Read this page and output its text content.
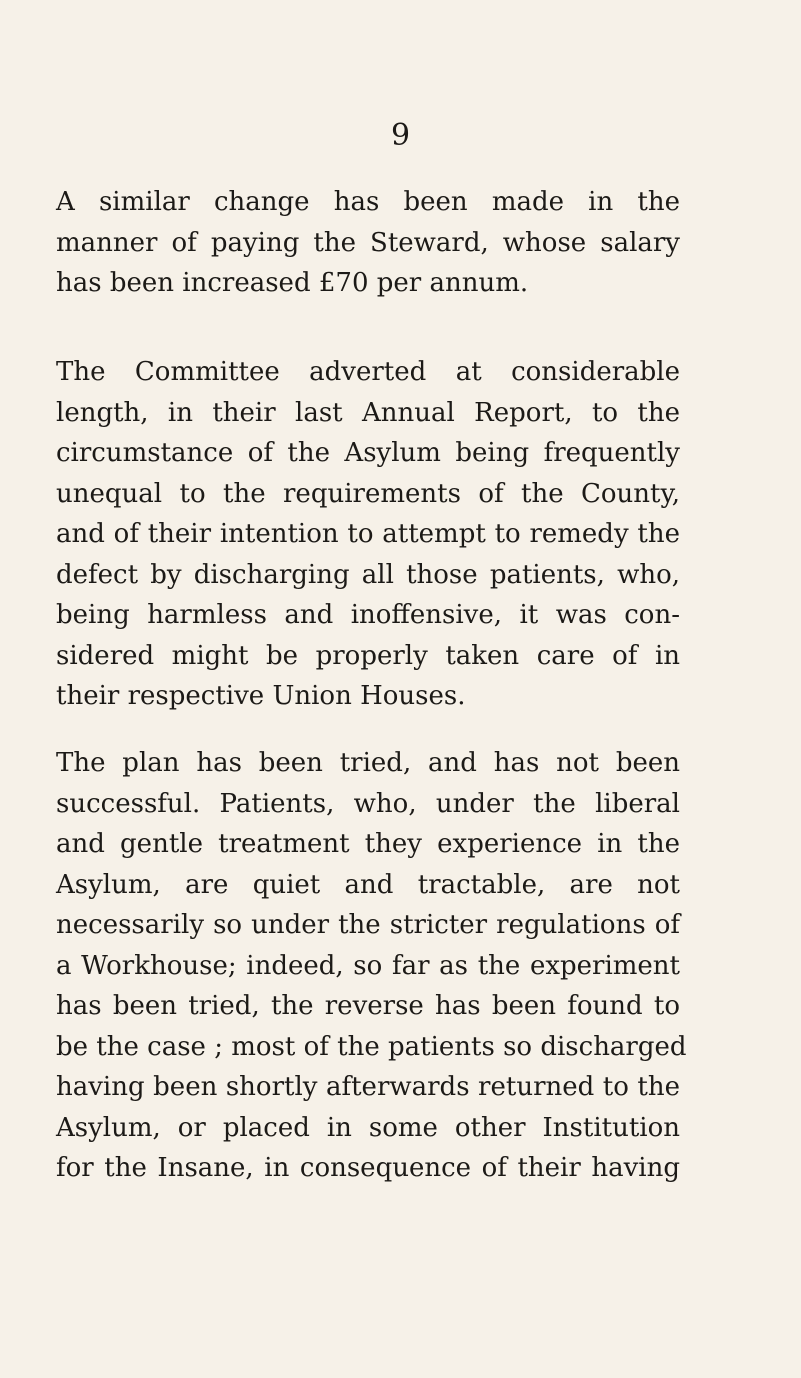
9
A similar change has been made in the
manner of paying the Steward, whose salary
has been increased £70 per annum.
The Committee adverted at considerable
length, in their last Annual Report, to the
circumstance of the Asylum being frequently
unequal to the requirements of the County,
and of their intention to attempt to remedy the
defect by discharging all those patients, who,
being harmless and inoffensive, it was con-
sidered might be properly taken care of in
their respective Union Houses.
The plan has been tried, and has not been
successful. Patients, who, under the liberal
and gentle treatment they experience in the
Asylum, are quiet and tractable, are not
necessarily so under the stricter regulations of
a Workhouse; indeed, so far as the experiment
has been tried, the reverse has been found to
be the case ; most of the patients so discharged
having been shortly afterwards returned to the
Asylum, or placed in some other Institution
for the Insane, in consequence of their having
